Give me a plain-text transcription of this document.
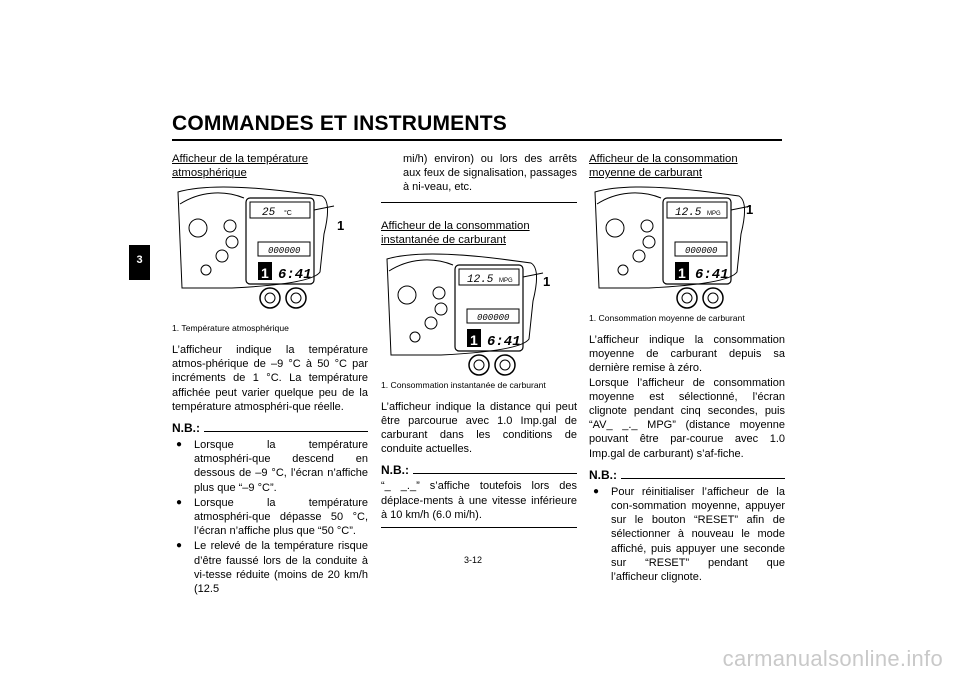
COMMANDES ET INSTRUMENTS
3
Afficheur de la température atmosphérique
25 °C
000000
1 6:41
1
1. Température atmosphérique
L’afficheur indique la température atmos-phérique de –9 °C à 50 °C par incréments de 1 °C. La température affichée peut varier quelque peu de la température atmosphéri-que réelle.
N.B.:
● Lorsque la température atmosphéri-que descend en dessous de –9 °C, l’écran n’affiche plus que “–9 °C”.
● Lorsque la température atmosphéri-que dépasse 50 °C, l’écran n’affiche plus que “50 °C”.
● Le relevé de la température risque d’être faussé lors de la conduite à vi-tesse réduite (moins de 20 km/h (12.5
mi/h) environ) ou lors des arrêts aux feux de signalisation, passages à ni-veau, etc.
Afficheur de la consommation instantanée de carburant
12.5 MPG
000000
1 6:41
1
1. Consommation instantanée de carburant
L’afficheur indique la distance qui peut être parcourue avec 1.0 Imp.gal de carburant dans les conditions de conduite actuelles.
N.B.:
“_ _._” s’affiche toutefois lors des déplace-ments à une vitesse inférieure à 10 km/h (6.0 mi/h).
Afficheur de la consommation moyenne de carburant
12.5 MPG
000000
1 6:41
1
1. Consommation moyenne de carburant
L’afficheur indique la consommation moyenne de carburant depuis sa dernière remise à zéro.
Lorsque l’afficheur de consommation moyenne est sélectionné, l’écran clignote pendant cinq secondes, puis “AV_ _._ MPG” (distance moyenne pouvant être par-courue avec 1.0 Imp.gal de carburant) s’af-fiche.
N.B.:
● Pour réinitialiser l’afficheur de la con-sommation moyenne, appuyer sur le bouton “RESET” afin de sélectionner à nouveau le mode affiché, puis appuyer une seconde sur “RESET” pendant que l’afficheur clignote.
3-12
carmanualsonline.info
